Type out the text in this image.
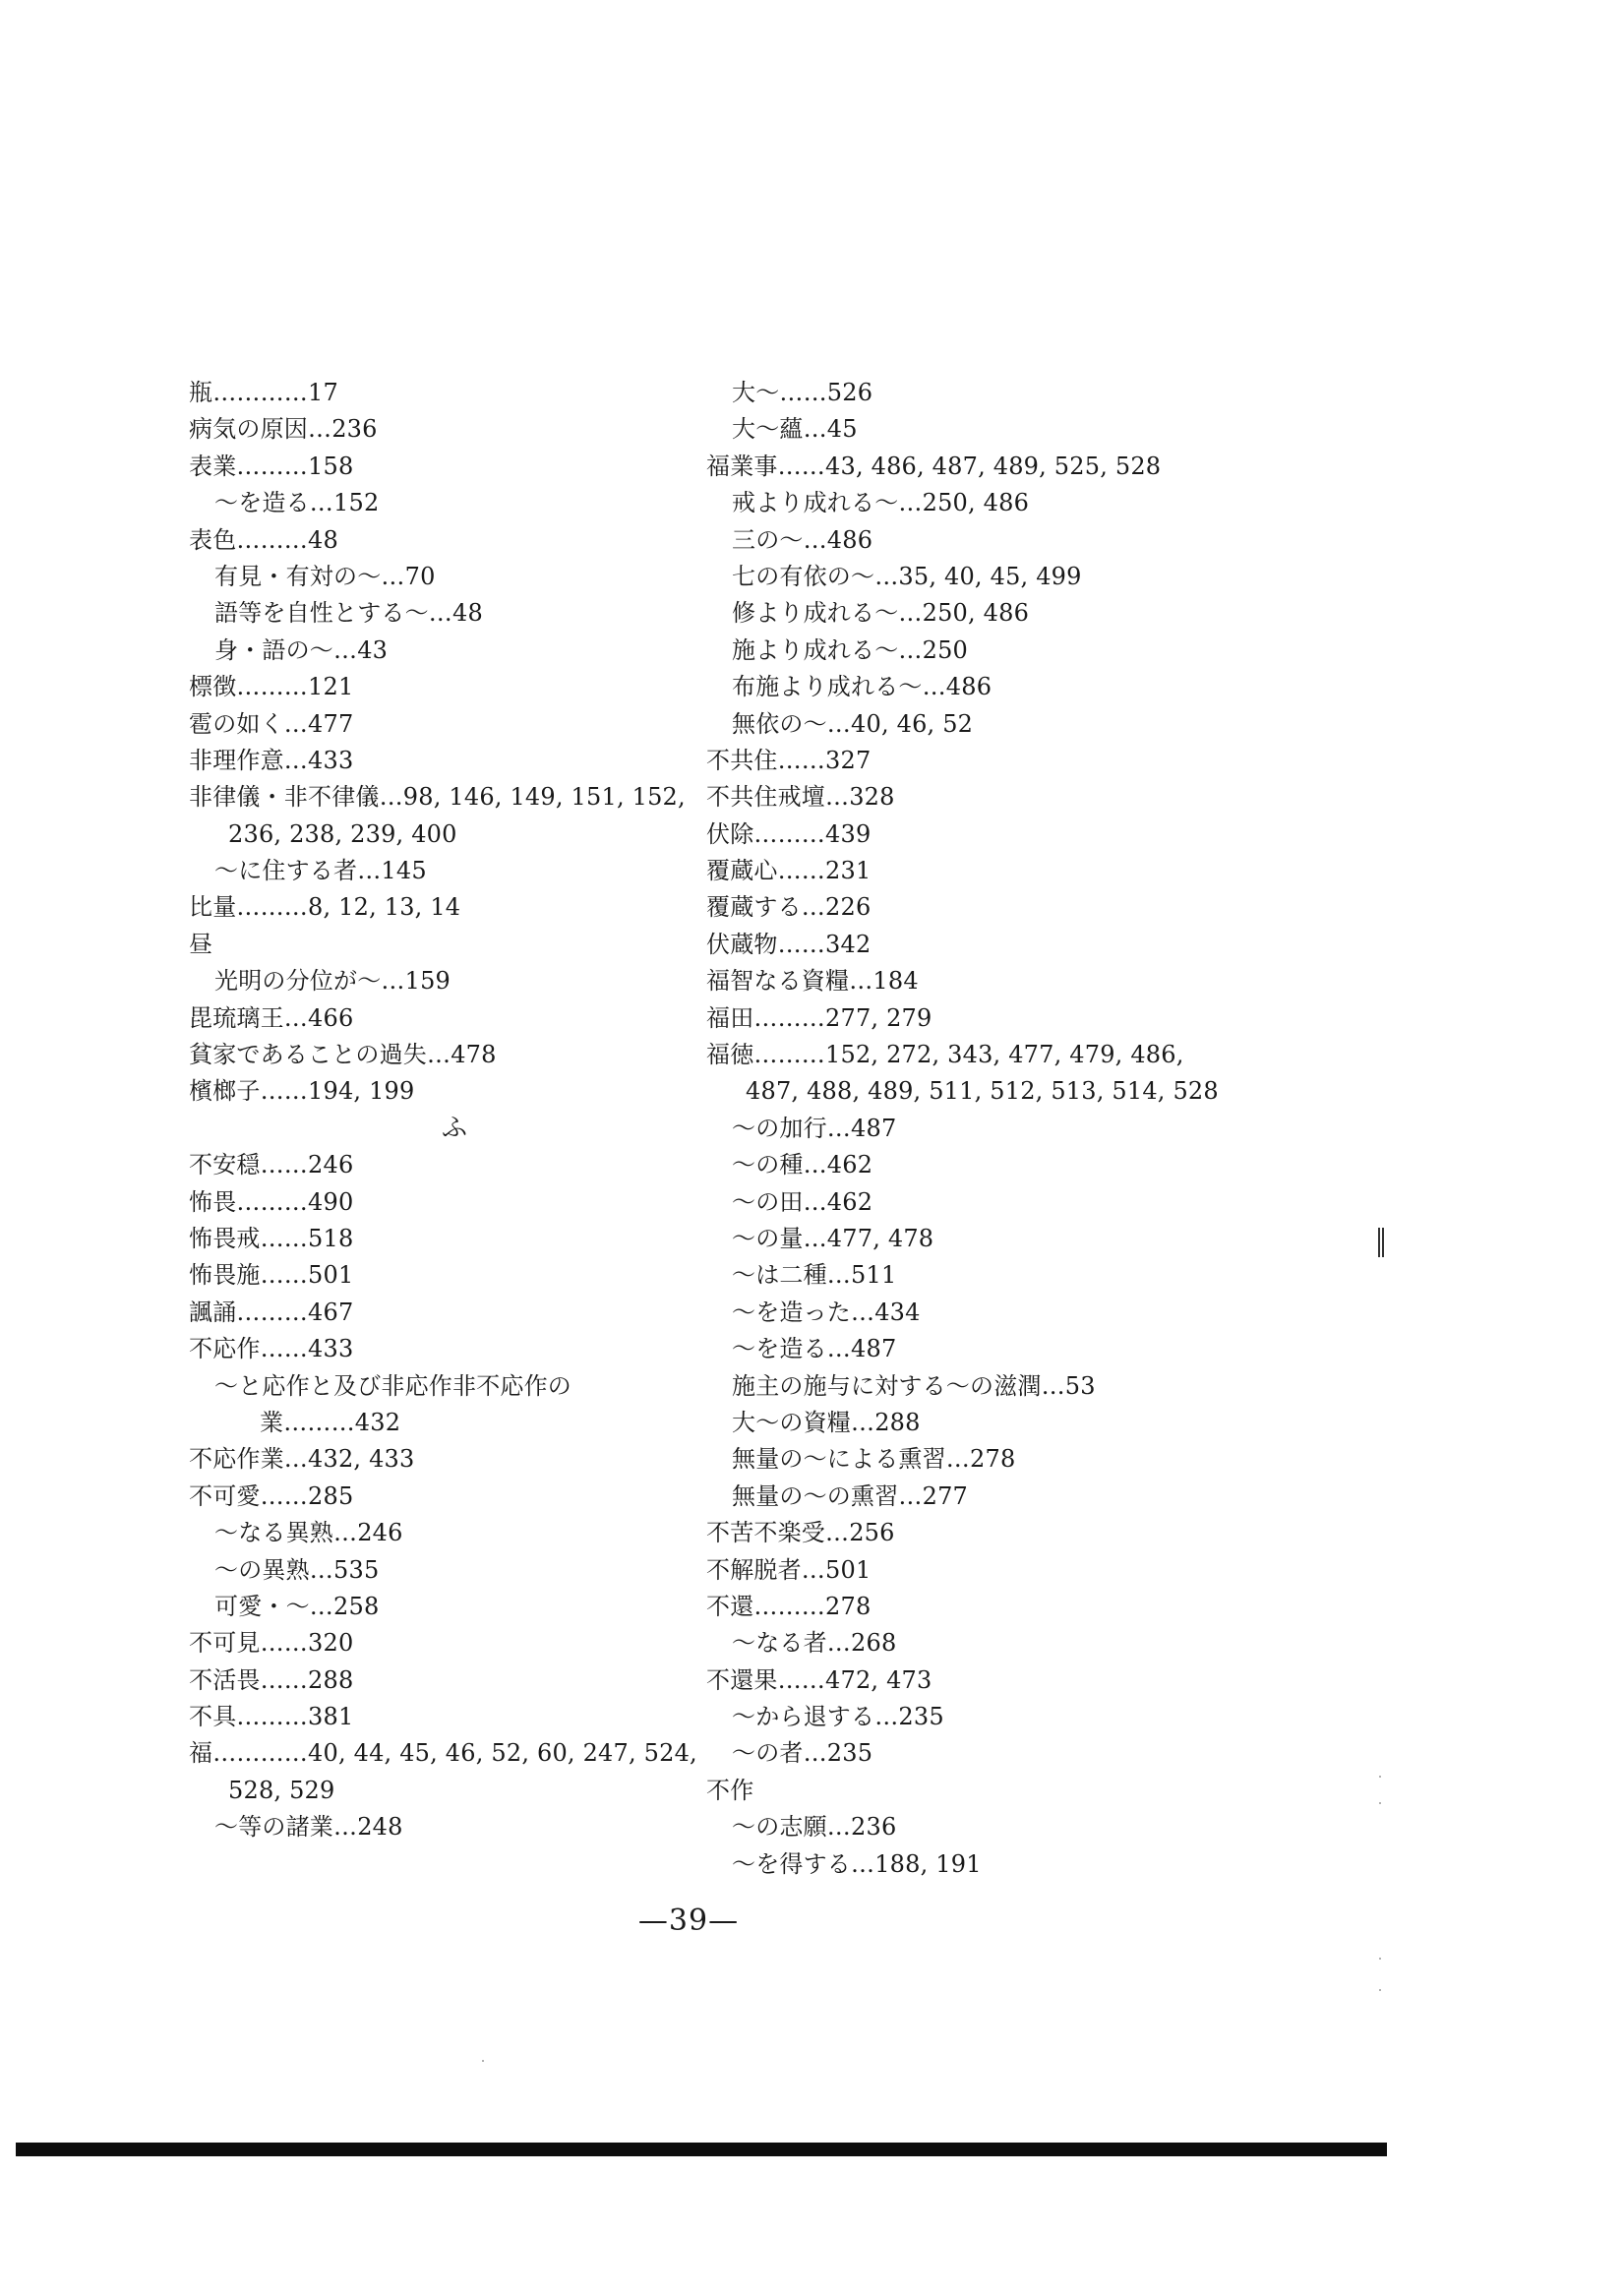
瓶…………17
病気の原因…236
表業………158
～を造る…152
表色………48
有見・有対の～…70
語等を自性とする～…48
身・語の～…43
標徴………121
雹の如く…477
非理作意…433
非律儀・非不律儀…98, 146, 149, 151, 152,
236, 238, 239, 400
～に住する者…145
比量………8, 12, 13, 14
昼
光明の分位が～…159
毘琉璃王…466
貧家であることの過失…478
檳榔子……194, 199
ふ
不安穏……246
怖畏………490
怖畏戒……518
怖畏施……501
諷誦………467
不応作……433
～と応作と及び非応作非不応作の
業………432
不応作業…432, 433
不可愛……285
～なる異熟…246
～の異熟…535
可愛・～…258
不可見……320
不活畏……288
不具………381
福…………40, 44, 45, 46, 52, 60, 247, 524,
528, 529
～等の諸業…248
大～……526
大～蘊…45
福業事……43, 486, 487, 489, 525, 528
戒より成れる～…250, 486
三の～…486
七の有依の～…35, 40, 45, 499
修より成れる～…250, 486
施より成れる～…250
布施より成れる～…486
無依の～…40, 46, 52
不共住……327
不共住戒壇…328
伏除………439
覆蔵心……231
覆蔵する…226
伏蔵物……342
福智なる資糧…184
福田………277, 279
福徳………152, 272, 343, 477, 479, 486,
487, 488, 489, 511, 512, 513, 514, 528
～の加行…487
～の種…462
～の田…462
～の量…477, 478
～は二種…511
～を造った…434
～を造る…487
施主の施与に対する～の滋潤…53
大～の資糧…288
無量の～による熏習…278
無量の～の熏習…277
不苦不楽受…256
不解脱者…501
不還………278
～なる者…268
不還果……472, 473
～から退する…235
～の者…235
不作
～の志願…236
～を得する…188, 191
—39—
